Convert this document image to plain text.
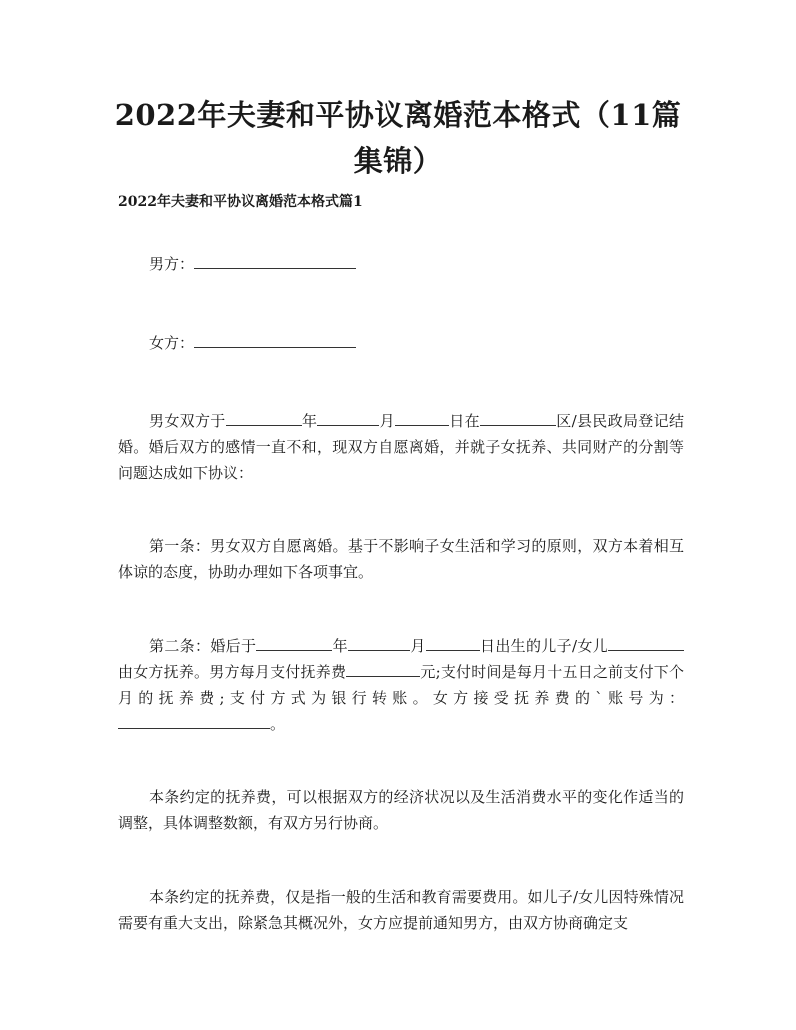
2022年夫妻和平协议离婚范本格式（11篇集锦）
2022年夫妻和平协议离婚范本格式篇1
男方：
女方：
男女双方于	年	月	日在	区/县民政局登记结婚。婚后双方的感情一直不和，现双方自愿离婚，并就子女抚养、共同财产的分割等问题达成如下协议：
第一条：男女双方自愿离婚。基于不影响子女生活和学习的原则，双方本着相互体谅的态度，协助办理如下各项事宜。
第二条：婚后于	年	月	日出生的儿子/女儿由女方抚养。男方每月支付抚养费	元;支付时间是每月十五日之前支付下个月的抚养费;支付方式为银行转账。女方接受抚养费的`账号为：。
本条约定的抚养费，可以根据双方的经济状况以及生活消费水平的变化作适当的调整，具体调整数额，有双方另行协商。
本条约定的抚养费，仅是指一般的生活和教育需要费用。如儿子/女儿因特殊情况需要有重大支出，除紧急其概况外，女方应提前通知男方，由双方协商确定支
